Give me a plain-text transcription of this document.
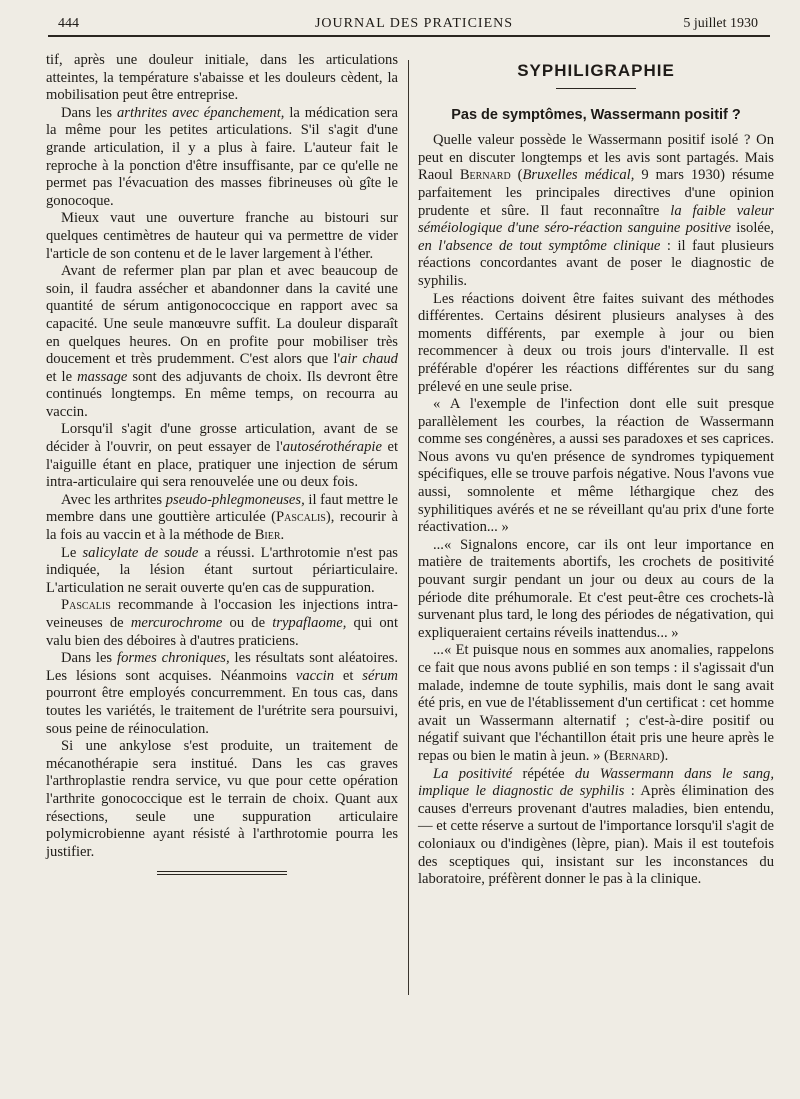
444	JOURNAL DES PRATICIENS	5 juillet 1930

tif, après une douleur initiale, dans les articulations atteintes, la température s'abaisse et les douleurs cèdent, la mobilisation peut être entreprise.

Dans les arthrites avec épanchement, la médication sera la même pour les petites articulations. S'il s'agit d'une grande articulation, il y a plus à faire. L'auteur fait le reproche à la ponction d'être insuffisante, par ce qu'elle ne permet pas l'évacuation des masses fibrineuses où gîte le gonocoque.

Mieux vaut une ouverture franche au bistouri sur quelques centimètres de hauteur qui va permettre de vider l'article de son contenu et de le laver largement à l'éther.

Avant de refermer plan par plan et avec beaucoup de soin, il faudra assécher et abandonner dans la cavité une quantité de sérum antigonococcique en rapport avec sa capacité. Une seule manœuvre suffit. La douleur disparaît en quelques heures. On en profite pour mobiliser très doucement et très prudemment. C'est alors que l'air chaud et le massage sont des adjuvants de choix. Ils devront être continués longtemps. En même temps, on recourra au vaccin.

Lorsqu'il s'agit d'une grosse articulation, avant de se décider à l'ouvrir, on peut essayer de l'autosérothérapie et l'aiguille étant en place, pratiquer une injection de sérum intra-articulaire qui sera renouvelée une ou deux fois.

Avec les arthrites pseudo-phlegmoneuses, il faut mettre le membre dans une gouttière articulée (Pascalis), recourir à la fois au vaccin et à la méthode de Bier.

Le salicylate de soude a réussi. L'arthrotomie n'est pas indiquée, la lésion étant surtout périarticulaire. L'articulation ne serait ouverte qu'en cas de suppuration.

Pascalis recommande à l'occasion les injections intra-veineuses de mercurochrome ou de trypaflaome, qui ont valu bien des déboires à d'autres praticiens.

Dans les formes chroniques, les résultats sont aléatoires. Les lésions sont acquises. Néanmoins vaccin et sérum pourront être employés concurremment. En tous cas, dans toutes les variétés, le traitement de l'urétrite sera poursuivi, sous peine de réinoculation.

Si une ankylose s'est produite, un traitement de mécanothérapie sera institué. Dans les cas graves l'arthroplastie rendra service, vu que pour cette opération l'arthrite gonococcique est le terrain de choix. Quant aux résections, seule une suppuration articulaire polymicrobienne ayant résisté à l'arthrotomie pourra les justifier.

SYPHILIGRAPHIE
Pas de symptômes, Wassermann positif ?

Quelle valeur possède le Wassermann positif isolé ? On peut en discuter longtemps et les avis sont partagés. Mais Raoul Bernard (Bruxelles médical, 9 mars 1930) résume parfaitement les principales directives d'une opinion prudente et sûre. Il faut reconnaître la faible valeur séméiologique d'une séro-réaction sanguine positive isolée, en l'absence de tout symptôme clinique : il faut plusieurs réactions concordantes avant de poser le diagnostic de syphilis.

Les réactions doivent être faites suivant des méthodes différentes. Certains désirent plusieurs analyses à des moments différents, par exemple à jour ou bien recommencer à deux ou trois jours d'intervalle. Il est préférable d'opérer les réactions différentes sur du sang prélevé en une seule prise.

« A l'exemple de l'infection dont elle suit presque parallèlement les courbes, la réaction de Wassermann comme ses congénères, a aussi ses paradoxes et ses caprices. Nous avons vu qu'en présence de syndromes typiquement spécifiques, elle se trouve parfois négative. Nous l'avons vue aussi, somnolente et même léthargique chez des syphilitiques avérés et ne se réveillant qu'au prix d'une forte réactivation... »

...« Signalons encore, car ils ont leur importance en matière de traitements abortifs, les crochets de positivité pouvant surgir pendant un jour ou deux au cours de la période dite préhumorale. Et c'est peut-être ces crochets-là survenant plus tard, le long des périodes de négativation, qui expliqueraient certains réveils inattendus... »

...« Et puisque nous en sommes aux anomalies, rappelons ce fait que nous avons publié en son temps : il s'agissait d'un malade, indemne de toute syphilis, mais dont le sang avait été pris, en vue de l'établissement d'un certificat : cet homme avait un Wassermann alternatif ; c'est-à-dire positif ou négatif suivant que l'échantillon était pris une heure après le repas ou bien le matin à jeun. » (Bernard).

La positivité répétée du Wassermann dans le sang, implique le diagnostic de syphilis : Après élimination des causes d'erreurs provenant d'autres maladies, bien entendu, — et cette réserve a surtout de l'importance lorsqu'il s'agit de coloniaux ou d'indigènes (lèpre, pian). Mais il est toutefois des sceptiques qui, insistant sur les inconstances du laboratoire, préfèrent donner le pas à la clinique.
